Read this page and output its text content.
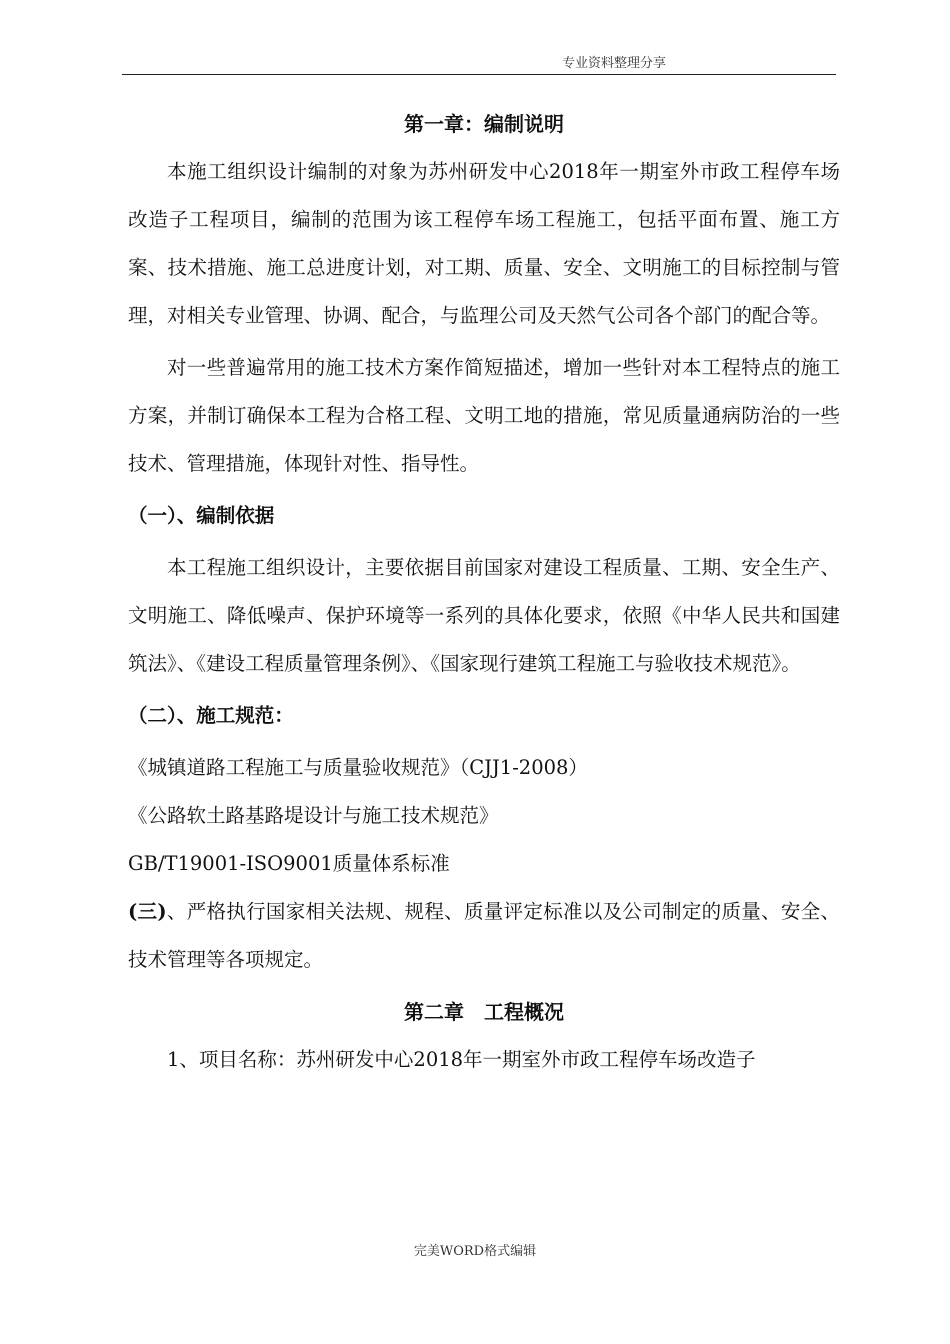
专业资料整理分享
第一章：编制说明
本施工组织设计编制的对象为苏州研发中心2018年一期室外市政工程停车场改造子工程项目，编制的范围为该工程停车场工程施工，包括平面布置、施工方案、技术措施、施工总进度计划，对工期、质量、安全、文明施工的目标控制与管理，对相关专业管理、协调、配合，与监理公司及天然气公司各个部门的配合等。
对一些普遍常用的施工技术方案作简短描述，增加一些针对本工程特点的施工方案，并制订确保本工程为合格工程、文明工地的措施，常见质量通病防治的一些技术、管理措施，体现针对性、指导性。
（一）、编制依据
本工程施工组织设计，主要依据目前国家对建设工程质量、工期、安全生产、文明施工、降低噪声、保护环境等一系列的具体化要求，依照《中华人民共和国建筑法》、《建设工程质量管理条例》、《国家现行建筑工程施工与验收技术规范》。
（二）、施工规范：
《城镇道路工程施工与质量验收规范》（CJJ1-2008）
《公路软土路基路堤设计与施工技术规范》
GB/T19001-ISO9001质量体系标准
(三)、严格执行国家相关法规、规程、质量评定标准以及公司制定的质量、安全、技术管理等各项规定。
第二章　工程概况
1、项目名称：苏州研发中心2018年一期室外市政工程停车场改造子
完美WORD格式编辑
